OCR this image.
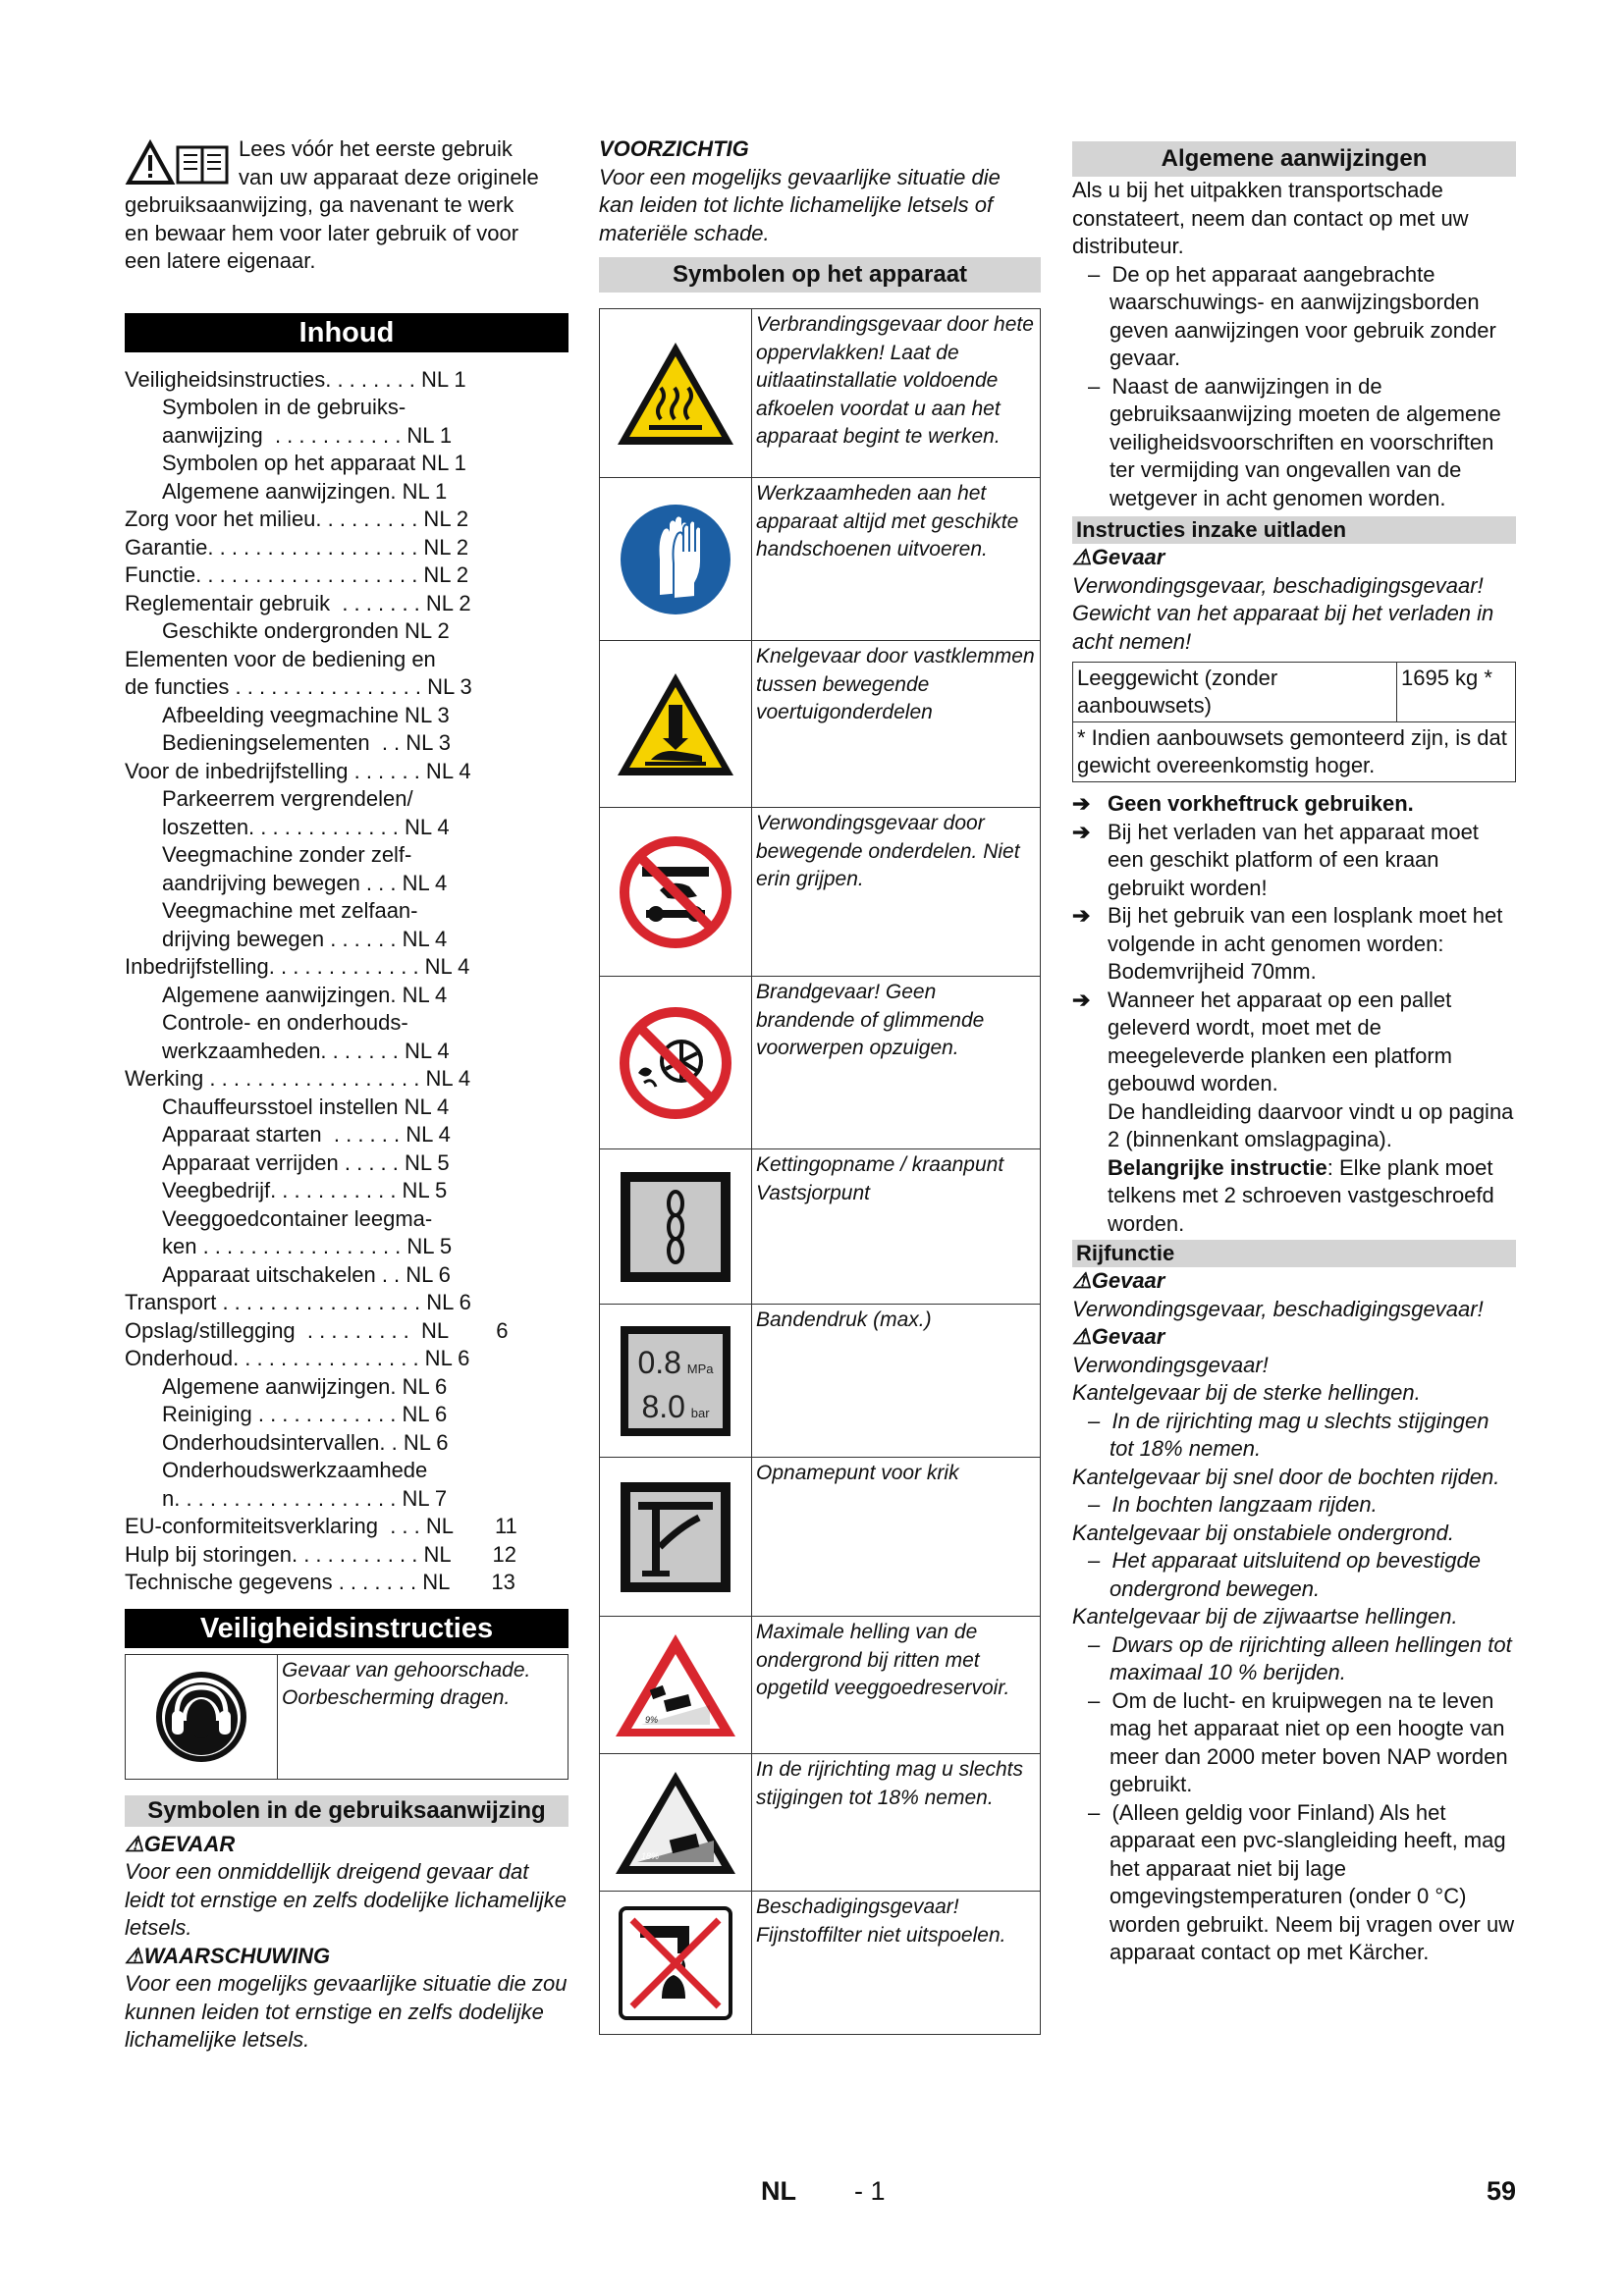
Lees vóór het eerste gebruik
van uw apparaat deze originele
gebruiksaanwijzing, ga navenant te werk
en bewaar hem voor later gebruik of voor
een latere eigenaar.
Inhoud
Veiligheidsinstructies. . . . . . . . NL 1
Symbolen in de gebruiks-
aanwijzing  . . . . . . . . . . . NL 1
Symbolen op het apparaat NL 1
Algemene aanwijzingen. NL 1
Zorg voor het milieu. . . . . . . . . NL 2
Garantie. . . . . . . . . . . . . . . . . . NL 2
Functie. . . . . . . . . . . . . . . . . . . NL 2
Reglementair gebruik  . . . . . . . NL 2
Geschikte ondergronden NL 2
Elementen voor de bediening en
de functies . . . . . . . . . . . . . . . . NL 3
Afbeelding veegmachine NL 3
Bedieningselementen  . . NL 3
Voor de inbedrijfstelling . . . . . . NL 4
Parkeerrem vergrendelen/
loszetten. . . . . . . . . . . . . NL 4
Veegmachine zonder zelf-
aandrijving bewegen . . . NL 4
Veegmachine met zelfaan-
drijving bewegen . . . . . . NL 4
Inbedrijfstelling. . . . . . . . . . . . . NL 4
Algemene aanwijzingen. NL 4
Controle- en onderhouds-
werkzaamheden. . . . . . . NL 4
Werking . . . . . . . . . . . . . . . . . . NL 4
Chauffeursstoel instellen NL 4
Apparaat starten  . . . . . . NL 4
Apparaat verrijden . . . . . NL 5
Veegbedrijf. . . . . . . . . . . NL 5
Veeggoedcontainer leegma-
ken . . . . . . . . . . . . . . . . . NL 5
Apparaat uitschakelen . . NL 6
Transport . . . . . . . . . . . . . . . . . NL 6
Opslag/stillegging  . . . . . . . . .  NL        6
Onderhoud. . . . . . . . . . . . . . . . NL 6
Algemene aanwijzingen. NL 6
Reiniging . . . . . . . . . . . . NL 6
Onderhoudsintervallen. . NL 6
Onderhoudswerkzaamhede
n. . . . . . . . . . . . . . . . . . . NL 7
EU-conformiteitsverklaring  . . . NL       11
Hulp bij storingen. . . . . . . . . . . NL       12
Technische gegevens . . . . . . . NL       13
Veiligheidsinstructies

Gevaar van gehoorschade.
Oorbescherming dragen.
Symbolen in de gebruiksaanwijzing
⚠GEVAAR
Voor een onmiddellijk dreigend gevaar dat leidt tot ernstige en zelfs dodelijke lichamelijke letsels.
⚠WAARSCHUWING
Voor een mogelijks gevaarlijke situatie die zou kunnen leiden tot ernstige en zelfs dodelijke lichamelijke letsels.
VOORZICHTIG
Voor een mogelijks gevaarlijke situatie die kan leiden tot lichte lichamelijke letsels of materiële schade.
Symbolen op het apparaat
	Verbrandingsgevaar door hete oppervlakken! Laat de uitlaatinstallatie voldoende afkoelen voordat u aan het apparaat begint te werken.

	Werkzaamheden aan het apparaat altijd met geschikte handschoenen uitvoeren.

	Knelgevaar door vastklemmen tussen bewegende voertuigonderdelen

	Verwondingsgevaar door bewegende onderdelen. Niet erin grijpen.

	Brandgevaar! Geen brandende of glimmende voorwerpen opzuigen.

	Kettingopname / kraanpunt
Vastsjorpunt

0.8 MPa
8.0 bar	Bandendruk (max.)

	Opnamepunt voor krik

9%	Maximale helling van de ondergrond bij ritten met opgetild veeggoedreservoir.

18%	In de rijrichting mag u slechts stijgingen tot 18% nemen.

	Beschadigingsgevaar! Fijnstoffilter niet uitspoelen.
Algemene aanwijzingen
Als u bij het uitpakken transportschade constateert, neem dan contact op met uw distributeur.
–  De op het apparaat aangebrachte waarschuwings- en aanwijzingsborden geven aanwijzingen voor gebruik zonder gevaar.
–  Naast de aanwijzingen in de gebruiksaanwijzing moeten de algemene veiligheidsvoorschriften en voorschriften ter vermijding van ongevallen van de wetgever in acht genomen worden.
Instructies inzake uitladen
⚠Gevaar
Verwondingsgevaar, beschadigingsgevaar!
Gewicht van het apparaat bij het verladen in acht nemen!
Leeggewicht (zonder aanbouwsets)	1695 kg *
* Indien aanbouwsets gemonteerd zijn, is dat gewicht overeenkomstig hoger.
➔ Geen vorkheftruck gebruiken.
➔ Bij het verladen van het apparaat moet een geschikt platform of een kraan gebruikt worden!
➔ Bij het gebruik van een losplank moet het volgende in acht genomen worden: Bodemvrijheid 70mm.
➔ Wanneer het apparaat op een pallet geleverd wordt, moet met de meegeleverde planken een platform gebouwd worden.
De handleiding daarvoor vindt u op pagina 2 (binnenkant omslagpagina).
Belangrijke instructie: Elke plank moet telkens met 2 schroeven vastgeschroefd worden.
Rijfunctie
⚠Gevaar
Verwondingsgevaar, beschadigingsgevaar!
⚠Gevaar
Verwondingsgevaar!
Kantelgevaar bij de sterke hellingen.
–  In de rijrichting mag u slechts stijgingen tot 18% nemen.
Kantelgevaar bij snel door de bochten rijden.
–  In bochten langzaam rijden.
Kantelgevaar bij onstabiele ondergrond.
–  Het apparaat uitsluitend op bevestigde ondergrond bewegen.
Kantelgevaar bij de zijwaartse hellingen.
–  Dwars op de rijrichting alleen hellingen tot maximaal 10 % berijden.
–  Om de lucht- en kruipwegen na te leven mag het apparaat niet op een hoogte van meer dan 2000 meter boven NAP worden gebruikt.
–  (Alleen geldig voor Finland) Als het apparaat een pvc-slangleiding heeft, mag het apparaat niet bij lage omgevingstemperaturen (onder 0 °C) worden gebruikt. Neem bij vragen over uw apparaat contact op met Kärcher.
NL - 1	59
